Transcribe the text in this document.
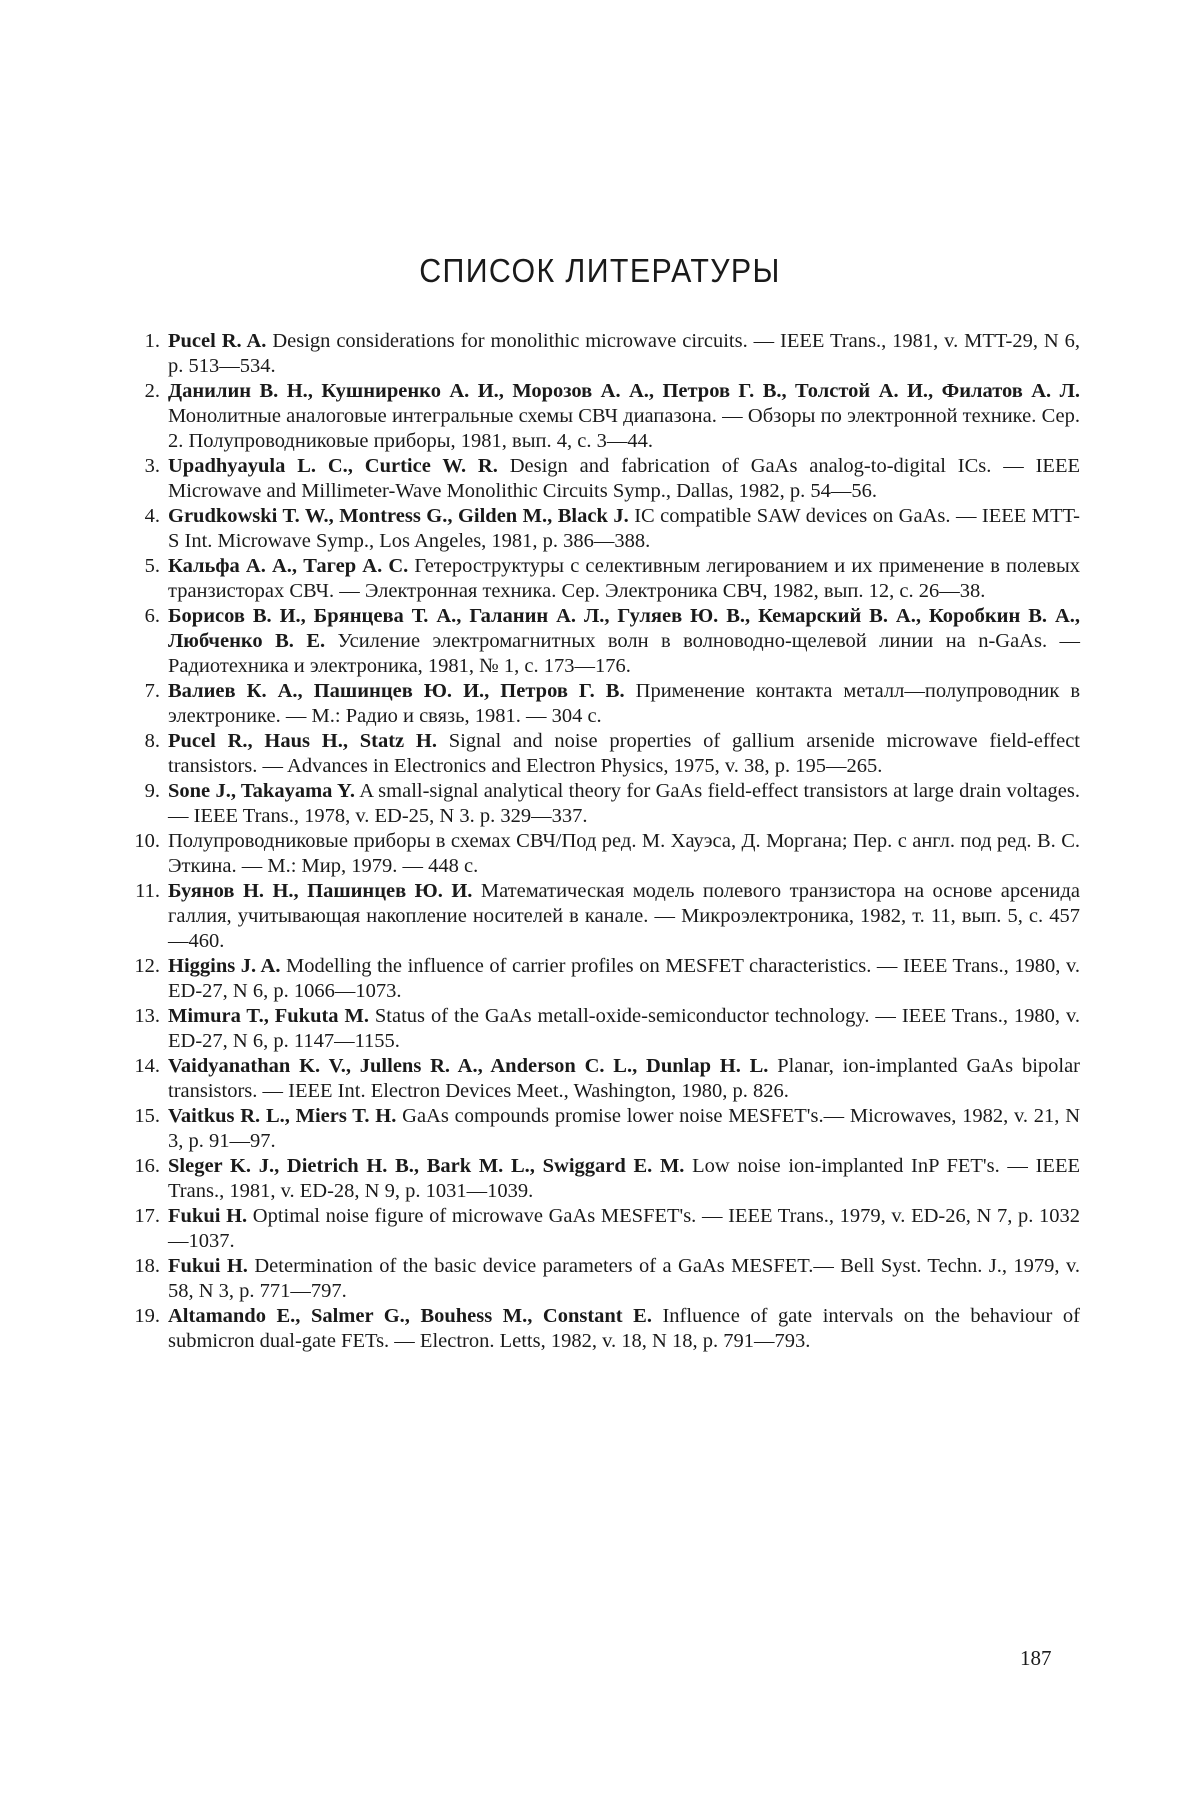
СПИСОК ЛИТЕРАТУРЫ
1. Pucel R. A. Design considerations for monolithic microwave circuits. — IEEE Trans., 1981, v. MTT-29, N 6, p. 513—534.
2. Данилин В. Н., Кушниренко А. И., Морозов А. А., Петров Г. В., Толстой А. И., Филатов А. Л. Монолитные аналоговые интегральные схемы СВЧ диапазона. — Обзоры по электронной технике. Сер. 2. Полупроводниковые приборы, 1981, вып. 4, с. 3—44.
3. Upadhyayula L. C., Curtice W. R. Design and fabrication of GaAs analog-to-digital ICs. — IEEE Microwave and Millimeter-Wave Monolithic Circuits Symp., Dallas, 1982, p. 54—56.
4. Grudkowski T. W., Montress G., Gilden M., Black J. IC compatible SAW devices on GaAs. — IEEE MTT-S Int. Microwave Symp., Los Angeles, 1981, p. 386—388.
5. Кальфа А. А., Тагер А. С. Гетероструктуры с селективным легированием и их применение в полевых транзисторах СВЧ. — Электронная техника. Сер. Электроника СВЧ, 1982, вып. 12, с. 26—38.
6. Борисов В. И., Брянцева Т. А., Галанин А. Л., Гуляев Ю. В., Кемарский В. А., Коробкин В. А., Любченко В. Е. Усиление электромагнитных волн в волноводно-щелевой линии на n-GaAs. — Радиотехника и электроника, 1981, № 1, с. 173—176.
7. Валиев К. А., Пашинцев Ю. И., Петров Г. В. Применение контакта металл—полупроводник в электронике. — М.: Радио и связь, 1981. — 304 с.
8. Pucel R., Haus H., Statz H. Signal and noise properties of gallium arsenide microwave field-effect transistors. — Advances in Electronics and Electron Physics, 1975, v. 38, p. 195—265.
9. Sone J., Takayama Y. A small-signal analytical theory for GaAs field-effect transistors at large drain voltages. — IEEE Trans., 1978, v. ED-25, N 3. p. 329—337.
10. Полупроводниковые приборы в схемах СВЧ/Под ред. М. Хауэса, Д. Моргана; Пер. с англ. под ред. В. С. Эткина. — М.: Мир, 1979. — 448 с.
11. Буянов Н. Н., Пашинцев Ю. И. Математическая модель полевого транзистора на основе арсенида галлия, учитывающая накопление носителей в канале. — Микроэлектроника, 1982, т. 11, вып. 5, с. 457—460.
12. Higgins J. A. Modelling the influence of carrier profiles on MESFET characteristics. — IEEE Trans., 1980, v. ED-27, N 6, p. 1066—1073.
13. Mimura T., Fukuta M. Status of the GaAs metall-oxide-semiconductor technology. — IEEE Trans., 1980, v. ED-27, N 6, p. 1147—1155.
14. Vaidyanathan K. V., Jullens R. A., Anderson C. L., Dunlap H. L. Planar, ion-implanted GaAs bipolar transistors. — IEEE Int. Electron Devices Meet., Washington, 1980, p. 826.
15. Vaitkus R. L., Miers T. H. GaAs compounds promise lower noise MESFET's.— Microwaves, 1982, v. 21, N 3, p. 91—97.
16. Sleger K. J., Dietrich H. B., Bark M. L., Swiggard E. M. Low noise ion-implanted InP FET's. — IEEE Trans., 1981, v. ED-28, N 9, p. 1031—1039.
17. Fukui H. Optimal noise figure of microwave GaAs MESFET's. — IEEE Trans., 1979, v. ED-26, N 7, p. 1032—1037.
18. Fukui H. Determination of the basic device parameters of a GaAs MESFET.— Bell Syst. Techn. J., 1979, v. 58, N 3, p. 771—797.
19. Altamando E., Salmer G., Bouhess M., Constant E. Influence of gate intervals on the behaviour of submicron dual-gate FETs. — Electron. Letts, 1982, v. 18, N 18, p. 791—793.
187
